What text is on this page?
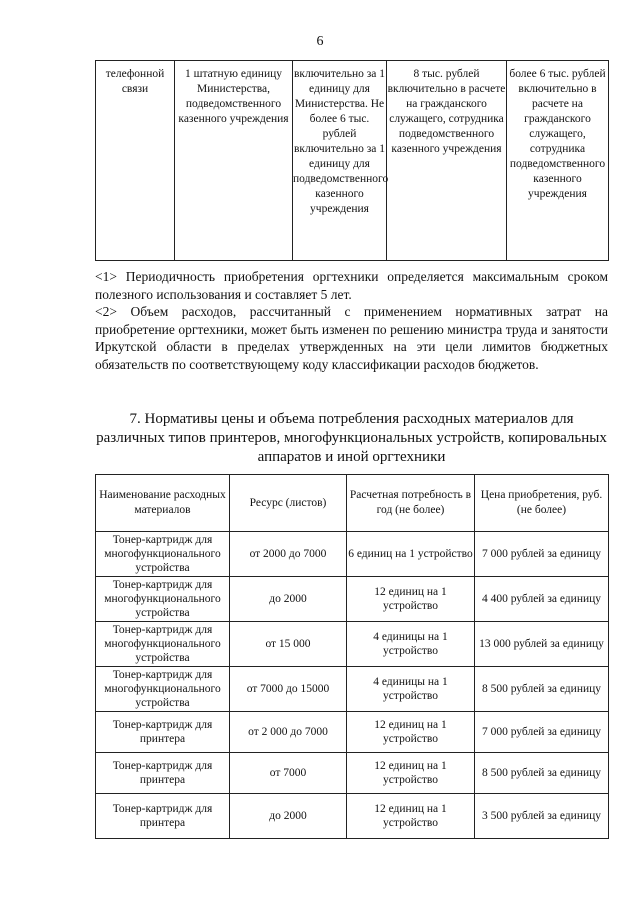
6
телефонной связи	1 штатную единицу Министерства, подведомственного казенного учреждения	включительно за 1 единицу для Министерства. Не более 6 тыс. рублей включительно за 1 единицу для подведомственного казенного учреждения	8 тыс. рублей включительно в расчете на гражданского служащего, сотрудника подведомственного казенного учреждения	более 6 тыс. рублей включительно в расчете на гражданского служащего, сотрудника подведомственного казенного учреждения

<1> Периодичность приобретения оргтехники определяется максимальным сроком полезного использования и составляет 5 лет.

<2> Объем расходов, рассчитанный с применением нормативных затрат на приобретение оргтехники, может быть изменен по решению министра труда и занятости Иркутской области в пределах утвержденных на эти цели лимитов бюджетных обязательств по соответствующему коду классификации расходов бюджетов.

7. Нормативы цены и объема потребления расходных материалов для различных типов принтеров, многофункциональных устройств, копировальных аппаратов и иной оргтехники
Наименование расходных материалов	Ресурс (листов)	Расчетная потребность в год (не более)	Цена приобретения, руб. (не более)
Тонер-картридж для многофункционального устройства	от 2000 до 7000	6 единиц на 1 устройство	7 000 рублей за единицу
Тонер-картридж для многофункционального устройства	до 2000	12 единиц на 1 устройство	4 400 рублей за единицу
Тонер-картридж для многофункционального устройства	от 15 000	4 единицы на 1 устройство	13 000 рублей за единицу
Тонер-картридж для многофункционального устройства	от 7000 до 15000	4 единицы на 1 устройство	8 500 рублей за единицу
Тонер-картридж для принтера	от 2 000 до 7000	12 единиц на 1 устройство	7 000 рублей за единицу
Тонер-картридж для принтера	от 7000	12 единиц на 1 устройство	8 500 рублей за единицу
Тонер-картридж для принтера	до 2000	12 единиц на 1 устройство	3 500 рублей за единицу
